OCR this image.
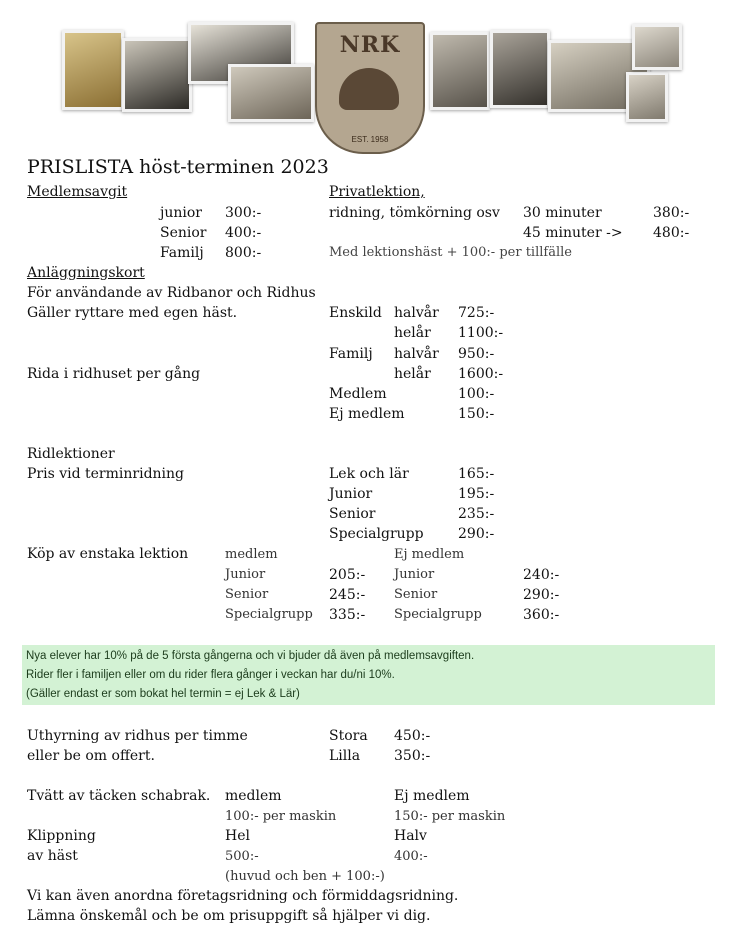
NRK
EST. 1958
PRISLISTA höst-terminen 2023
Medlemsavgit
junior 300:-
Senior 400:-
Familj 800:-
Privatlektion,
ridning, tömkörning osv 30 minuter	380:-
45 minuter -> 480:-
Med lektionshäst + 100:- per tillfälle
Anläggningskort
För användande av Ridbanor och Ridhus
Gäller ryttare med egen häst.
Rida i ridhuset per gång
Enskild halvår 725:-
helår 1100:-
Familj halvår 950:-
helår 1600:-
Medlem	100:-
Ej medlem	150:-
Ridlektioner
Pris vid terminridning	Lek och lär	165:-
Junior	195:-
Senior	235:-
Specialgrupp 290:-
Köp av enstaka lektion	medlem	Ej medlem
Junior	205:- Junior	240:-
Senior	245:- Senior	290:-
Specialgrupp 335:- Specialgrupp	360:-
Nya elever har 10% på de 5 första gångerna och vi bjuder då även på medlemsavgiften.
Rider fler i familjen eller om du rider flera gånger i veckan har du/ni 10%.
(Gäller endast er som bokat hel termin = ej Lek & Lär)
Uthyrning av ridhus per timme
eller be om offert.
Stora 450:-
Lilla 350:-
Tvätt av täcken schabrak. medlem	Ej medlem
100:- per maskin	150:- per maskin
Klippning
av häst
Hel	Halv
500:-	400:-
(huvud och ben + 100:-)
Vi kan även anordna företagsridning och förmiddagsridning.
Lämna önskemål och be om prisuppgift så hjälper vi dig.
